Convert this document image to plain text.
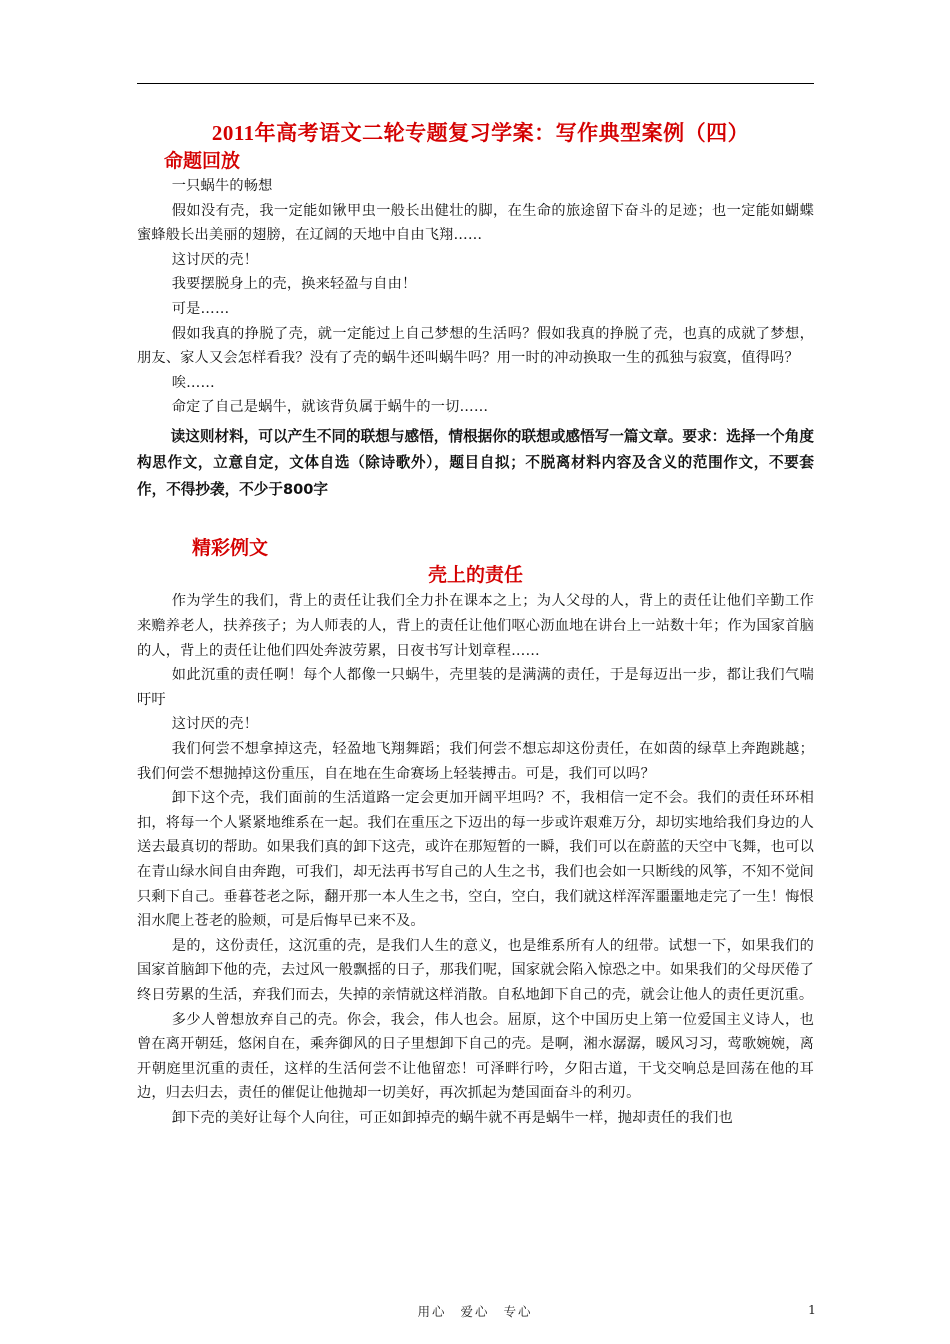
2011年高考语文二轮专题复习学案：写作典型案例（四）
命题回放

一只蜗牛的畅想

假如没有壳，我一定能如锹甲虫一般长出健壮的脚，在生命的旅途留下奋斗的足迹；也一定能如蝴蝶蜜蜂般长出美丽的翅膀，在辽阔的天地中自由飞翔……

这讨厌的壳！

我要摆脱身上的壳，换来轻盈与自由！

可是……

假如我真的挣脱了壳，就一定能过上自己梦想的生活吗？假如我真的挣脱了壳，也真的成就了梦想，朋友、家人又会怎样看我？没有了壳的蜗牛还叫蜗牛吗？用一时的冲动换取一生的孤独与寂寞，值得吗？

唉……

命定了自己是蜗牛，就该背负属于蜗牛的一切……

读这则材料，可以产生不同的联想与感悟，情根据你的联想或感悟写一篇文章。要求：选择一个角度构思作文，立意自定，文体自选（除诗歌外），题目自拟；不脱离材料内容及含义的范围作文，不要套作，不得抄袭，不少于800字

精彩例文
壳上的责任

作为学生的我们，背上的责任让我们全力扑在课本之上；为人父母的人，背上的责任让他们辛勤工作来赡养老人，扶养孩子；为人师表的人，背上的责任让他们呕心沥血地在讲台上一站数十年；作为国家首脑的人，背上的责任让他们四处奔波劳累，日夜书写计划章程……

如此沉重的责任啊！每个人都像一只蜗牛，壳里装的是满满的责任，于是每迈出一步，都让我们气喘吁吁

这讨厌的壳！

我们何尝不想拿掉这壳，轻盈地飞翔舞蹈；我们何尝不想忘却这份责任，在如茵的绿草上奔跑跳越；我们何尝不想抛掉这份重压，自在地在生命赛场上轻装搏击。可是，我们可以吗？

卸下这个壳，我们面前的生活道路一定会更加开阔平坦吗？不，我相信一定不会。我们的责任环环相扣，将每一个人紧紧地维系在一起。我们在重压之下迈出的每一步或许艰难万分，却切实地给我们身边的人送去最真切的帮助。如果我们真的卸下这壳，或许在那短暂的一瞬，我们可以在蔚蓝的天空中飞舞，也可以在青山绿水间自由奔跑，可我们，却无法再书写自己的人生之书，我们也会如一只断线的风筝，不知不觉间只剩下自己。垂暮苍老之际，翻开那一本人生之书，空白，空白，我们就这样浑浑噩噩地走完了一生！悔恨泪水爬上苍老的脸颊，可是后悔早已来不及。

是的，这份责任，这沉重的壳，是我们人生的意义，也是维系所有人的纽带。试想一下，如果我们的国家首脑卸下他的壳，去过风一般飘摇的日子，那我们呢，国家就会陷入惊恐之中。如果我们的父母厌倦了终日劳累的生活，弃我们而去，失掉的亲情就这样消散。自私地卸下自己的壳，就会让他人的责任更沉重。

多少人曾想放弃自己的壳。你会，我会，伟人也会。屈原，这个中国历史上第一位爱国主义诗人，也曾在离开朝廷，悠闲自在，乘奔御风的日子里想卸下自己的壳。是啊，湘水潺潺，暖风习习，莺歌婉婉，离开朝庭里沉重的责任，这样的生活何尝不让他留恋！可泽畔行吟，夕阳古道，干戈交响总是回荡在他的耳边，归去归去，责任的催促让他抛却一切美好，再次抓起为楚国面奋斗的利刃。

卸下壳的美好让每个人向往，可正如卸掉壳的蜗牛就不再是蜗牛一样，抛却责任的我们也

用心 爱心 专心	1
